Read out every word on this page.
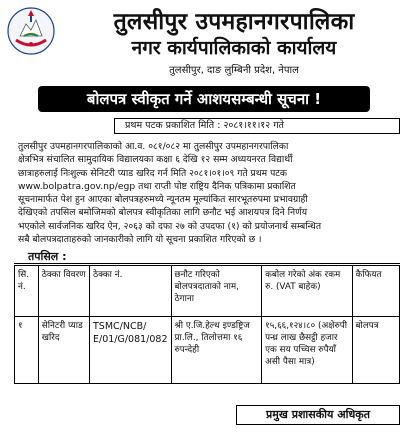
तुलसीपुर उपमहानगरपालिका
नगर कार्यपालिकाको कार्यालय
तुलसीपुर, दाङ लुम्बिनी प्रदेश, नेपाल
बोलपत्र स्वीकृत गर्ने आशयसम्बन्धी सूचना !
प्रथम पटक प्रकाशित मिति : २०८१।११।१२ गते
तुलसीपुर उपमहानगरपालिकाको आ.व. ०८१/०८२ मा तुलसीपुर उपमहानगरपालिका
क्षेत्रभित्र संचालित सामुदायिक विद्यालयका कक्षा ६ देखि १२ सम्म अध्ययनरत विद्यार्थी
छात्राहरुलाई निःशुल्क सेनिटरी प्याड खरिद गर्न मिति २०८१।०१।०९ गते प्रथम पटक
www.bolpatra.gov.np/egp तथा राप्ती पोष्ट राष्ट्रिय दैनिक पत्रिकामा प्रकाशित
सूचनामार्फत पेश हुन आएका बोलपत्रहरुमध्ये न्यूनतम मूल्यांकित सारभूतरुपमा प्रभावग्राही
देखिएको तपसिल बमोजिमको बोलपत्र स्वीकृतिका लागि छनौट भई आशयपत्र दिने निर्णय
भएकोले सार्वजनिक खरिद ऐन, २०६३ को दफा २७ को उपदफा (१) को प्रयोजनार्थ सम्बन्धित
सबै बोलपत्रदाताहरुको जानकारीको लागि यो सूचना प्रकाशित गरिएको छ ।
तपसिल :
सि. नं.	ठेक्का विवरण	ठेक्का नं.	छनौट गरिएको बोलपत्रदाताको नाम, ठेगाना	कबोल गरेको अंक रकम रु. (VAT बाहेक)	कैफियत
१	सेनिटरी प्याड खरिद	TSMC/NCB/ E/01/G/081/082	श्री ए.जि.हेल्थ इण्डष्ट्रिज प्रा.लि., तिलोत्तमा १६ रुपन्देही	१५,६६,१२४।८० (अक्षेरुपी पन्ध्र लाख छैसट्ठी हजार एक सय पच्चिस रुपैयाँ असी पैसा मात्र)	बोलपत्र
प्रमुख प्रशासकीय अधिकृत
